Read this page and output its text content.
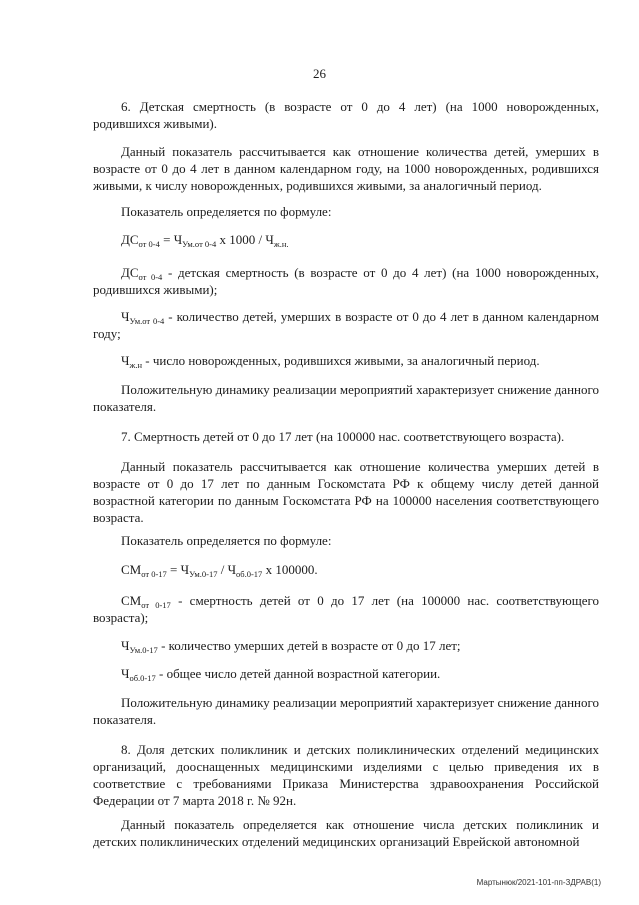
26
6. Детская смертность (в возрасте от 0 до 4 лет) (на 1000 новорожденных, родившихся живыми).
Данный показатель рассчитывается как отношение количества детей, умерших в возрасте от 0 до 4 лет в данном календарном году, на 1000 новорожденных, родившихся живыми, к числу новорожденных, родившихся живыми, за аналогичный период.
Показатель определяется по формуле:
$ДС_{от 0-4} = Ч_{Ум.от 0-4}$ х $1000 / Ч_{ж.н.}$
$ДС_{от 0-4}$ - детская смертность (в возрасте от 0 до 4 лет) (на 1000 новорожденных, родившихся живыми);
$Ч_{Ум.от 0-4}$ - количество детей, умерших в возрасте от 0 до 4 лет в данном календарном году;
$Ч_{ж.н}$ - число новорожденных, родившихся живыми, за аналогичный период.
Положительную динамику реализации мероприятий характеризует снижение данного показателя.
7. Смертность детей от 0 до 17 лет (на 100000 нас. соответствующего возраста).
Данный показатель рассчитывается как отношение количества умерших детей в возрасте от 0 до 17 лет по данным Госкомстата РФ к общему числу детей данной возрастной категории по данным Госкомстата РФ на 100000 населения соответствующего возраста.
Показатель определяется по формуле:
$СМ_{от 0-17} = Ч_{Ум.0-17} / Ч_{об.0-17}$ х 100000.
$СМ_{от 0-17}$ - смертность детей от 0 до 17 лет (на 100000 нас. соответствующего возраста);
$Ч_{Ум.0-17}$ - количество умерших детей в возрасте от 0 до 17 лет;
$Ч_{об.0-17}$ - общее число детей данной возрастной категории.
Положительную динамику реализации мероприятий характеризует снижение данного показателя.
8. Доля детских поликлиник и детских поликлинических отделений медицинских организаций, дооснащенных медицинскими изделиями с целью приведения их в соответствие с требованиями Приказа Министерства здравоохранения Российской Федерации от 7 марта 2018 г. № 92н.
Данный показатель определяется как отношение числа детских поликлиник и детских поликлинических отделений медицинских организаций Еврейской автономной
Мартынюк/2021-101-пп-ЗДРАВ(1)
